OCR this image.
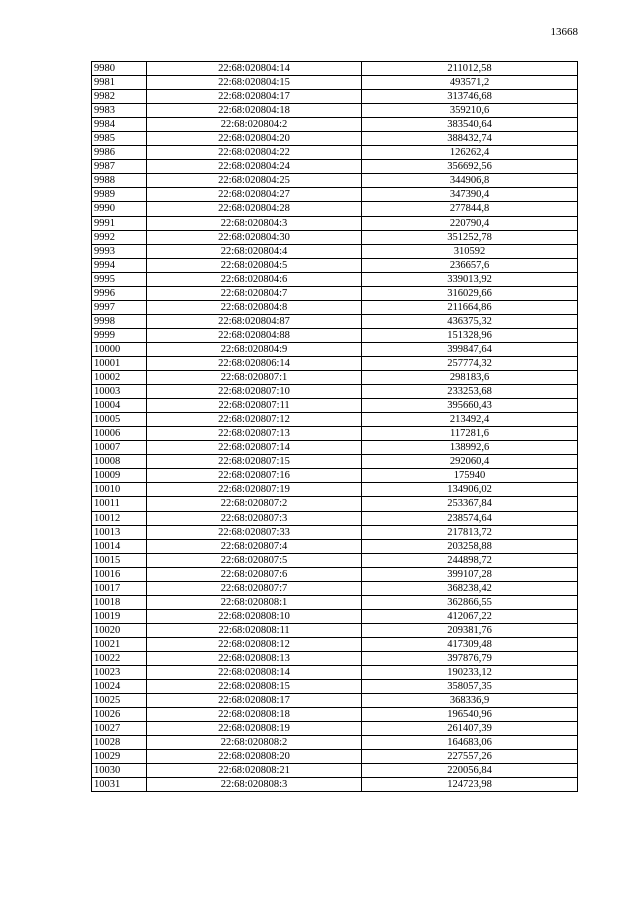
13668
9980	22:68:020804:14	211012,58
9981	22:68:020804:15	493571,2
9982	22:68:020804:17	313746,68
9983	22:68:020804:18	359210,6
9984	22:68:020804:2	383540,64
9985	22:68:020804:20	388432,74
9986	22:68:020804:22	126262,4
9987	22:68:020804:24	356692,56
9988	22:68:020804:25	344906,8
9989	22:68:020804:27	347390,4
9990	22:68:020804:28	277844,8
9991	22:68:020804:3	220790,4
9992	22:68:020804:30	351252,78
9993	22:68:020804:4	310592
9994	22:68:020804:5	236657,6
9995	22:68:020804:6	339013,92
9996	22:68:020804:7	316029,66
9997	22:68:020804:8	211664,86
9998	22:68:020804:87	436375,32
9999	22:68:020804:88	151328,96
10000	22:68:020804:9	399847,64
10001	22:68:020806:14	257774,32
10002	22:68:020807:1	298183,6
10003	22:68:020807:10	233253,68
10004	22:68:020807:11	395660,43
10005	22:68:020807:12	213492,4
10006	22:68:020807:13	117281,6
10007	22:68:020807:14	138992,6
10008	22:68:020807:15	292060,4
10009	22:68:020807:16	175940
10010	22:68:020807:19	134906,02
10011	22:68:020807:2	253367,84
10012	22:68:020807:3	238574,64
10013	22:68:020807:33	217813,72
10014	22:68:020807:4	203258,88
10015	22:68:020807:5	244898,72
10016	22:68:020807:6	399107,28
10017	22:68:020807:7	368238,42
10018	22:68:020808:1	362866,55
10019	22:68:020808:10	412067,22
10020	22:68:020808:11	209381,76
10021	22:68:020808:12	417309,48
10022	22:68:020808:13	397876,79
10023	22:68:020808:14	190233,12
10024	22:68:020808:15	358057,35
10025	22:68:020808:17	368336,9
10026	22:68:020808:18	196540,96
10027	22:68:020808:19	261407,39
10028	22:68:020808:2	164683,06
10029	22:68:020808:20	227557,26
10030	22:68:020808:21	220056,84
10031	22:68:020808:3	124723,98
